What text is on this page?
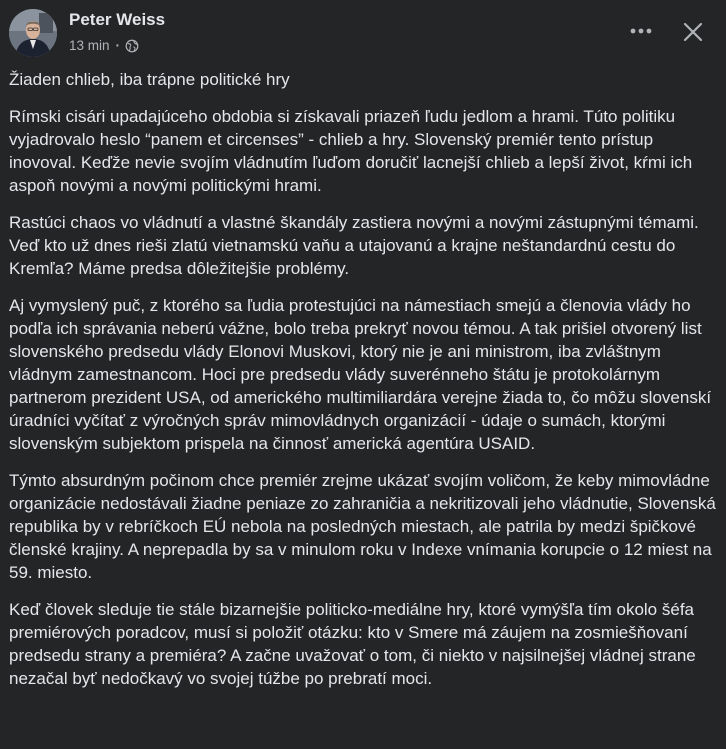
Peter Weiss
13 min ·

Žiaden chlieb, iba trápne politické hry

Rímski cisári upadajúceho obdobia si získavali priazeň ľudu jedlom a hrami. Túto politiku vyjadrovalo heslo “panem et circenses” - chlieb a hry. Slovenský premiér tento prístup inovoval. Keďže nevie svojím vládnutím ľuďom doručiť lacnejší chlieb a lepší život, kŕmi ich aspoň novými a novými politickými hrami.

Rastúci chaos vo vládnutí a vlastné škandály zastiera novými a novými zástupnými témami. Veď kto už dnes rieši zlatú vietnamskú vaňu a utajovanú a krajne neštandardnú cestu do Kremľa? Máme predsa dôležitejšie problémy.

Aj vymyslený puč, z ktorého sa ľudia protestujúci na námestiach smejú a členovia vlády ho podľa ich správania neberú vážne, bolo treba prekryť novou témou. A tak prišiel otvorený list slovenského predsedu vlády Elonovi Muskovi, ktorý nie je ani ministrom, iba zvláštnym vládnym zamestnancom. Hoci pre predsedu vlády suverénneho štátu je protokolárnym partnerom prezident USA, od amerického multimiliardára verejne žiada to, čo môžu slovenskí úradníci vyčítať z výročných správ mimovládnych organizácií - údaje o sumách, ktorými slovenským subjektom prispela na činnosť americká agentúra USAID.

Týmto absurdným počinom chce premiér zrejme ukázať svojím voličom, že keby mimovládne organizácie nedostávali žiadne peniaze zo zahraničia a nekritizovali jeho vládnutie, Slovenská republika by v rebríčkoch EÚ nebola na posledných miestach, ale patrila by medzi špičkové členské krajiny. A neprepadla by sa v minulom roku v Indexe vnímania korupcie o 12 miest na 59. miesto.

Keď človek sleduje tie stále bizarnejšie politicko-mediálne hry, ktoré vymýšľa tím okolo šéfa premiérových poradcov, musí si položiť otázku: kto v Smere má záujem na zosmiešňovaní predsedu strany a premiéra? A začne uvažovať o tom, či niekto v najsilnejšej vládnej strane nezačal byť nedočkavý vo svojej túžbe po prebratí moci.
